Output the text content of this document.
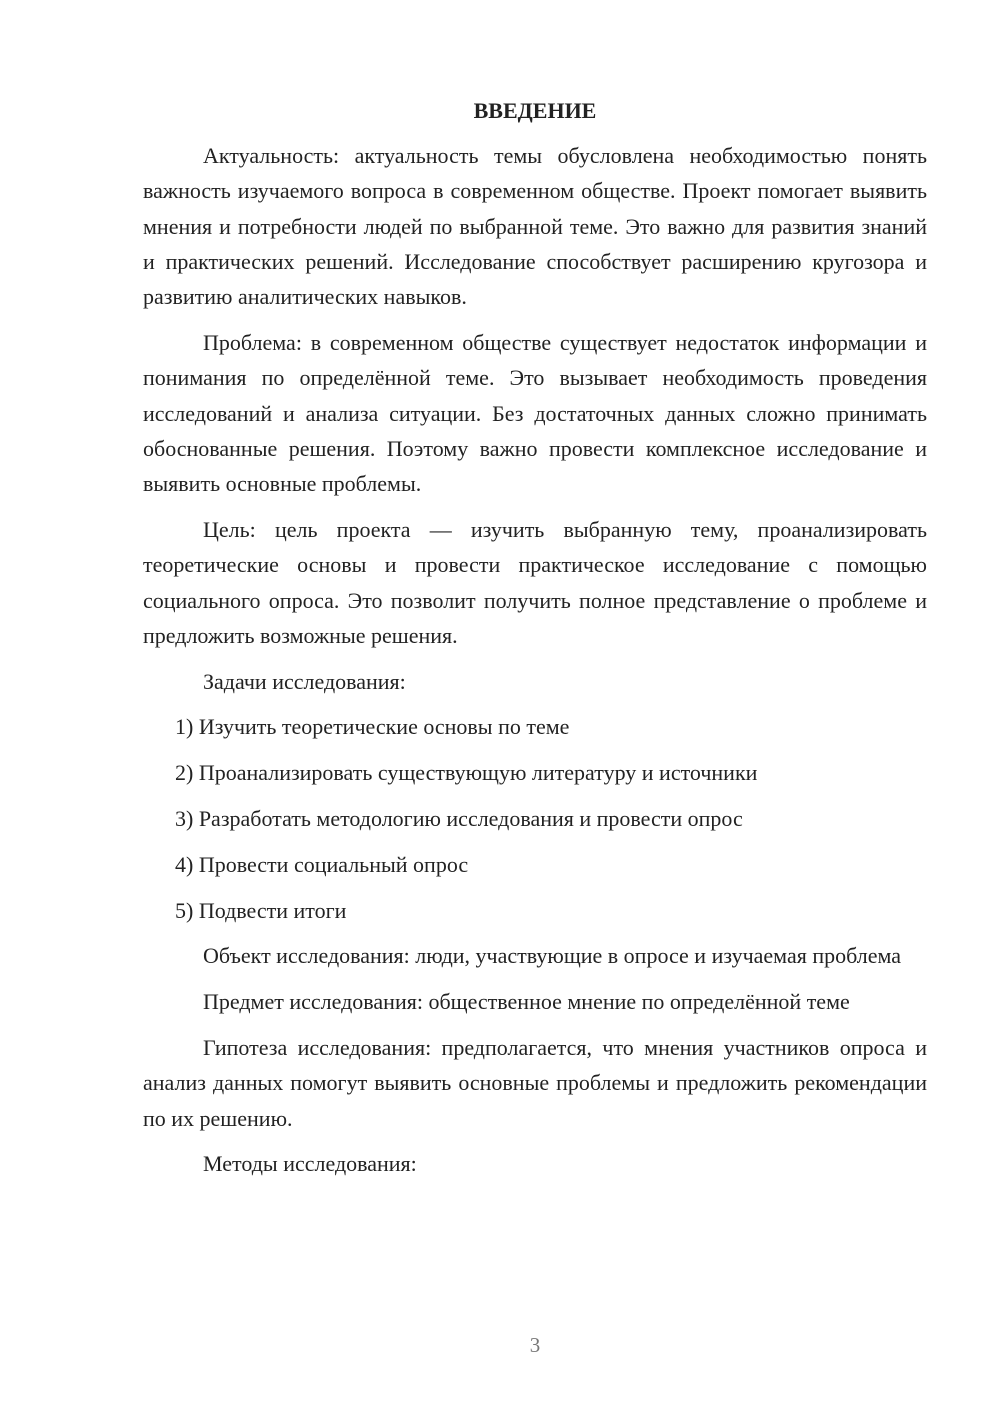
ВВЕДЕНИЕ

Актуальность: актуальность темы обусловлена необходимостью понять важность изучаемого вопроса в современном обществе. Проект помогает выявить мнения и потребности людей по выбранной теме. Это важно для развития знаний и практических решений. Исследование способствует расширению кругозора и развитию аналитических навыков.

Проблема: в современном обществе существует недостаток информации и понимания по определённой теме. Это вызывает необходимость проведения исследований и анализа ситуации. Без достаточных данных сложно принимать обоснованные решения. Поэтому важно провести комплексное исследование и выявить основные проблемы.

Цель: цель проекта — изучить выбранную тему, проанализировать теоретические основы и провести практическое исследование с помощью социального опроса. Это позволит получить полное представление о проблеме и предложить возможные решения.

Задачи исследования:

1) Изучить теоретические основы по теме
2) Проанализировать существующую литературу и источники
3) Разработать методологию исследования и провести опрос
4) Провести социальный опрос
5) Подвести итоги

Объект исследования: люди, участвующие в опросе и изучаемая проблема

Предмет исследования: общественное мнение по определённой теме

Гипотеза исследования: предполагается, что мнения участников опроса и анализ данных помогут выявить основные проблемы и предложить рекомендации по их решению.

Методы исследования:

3
